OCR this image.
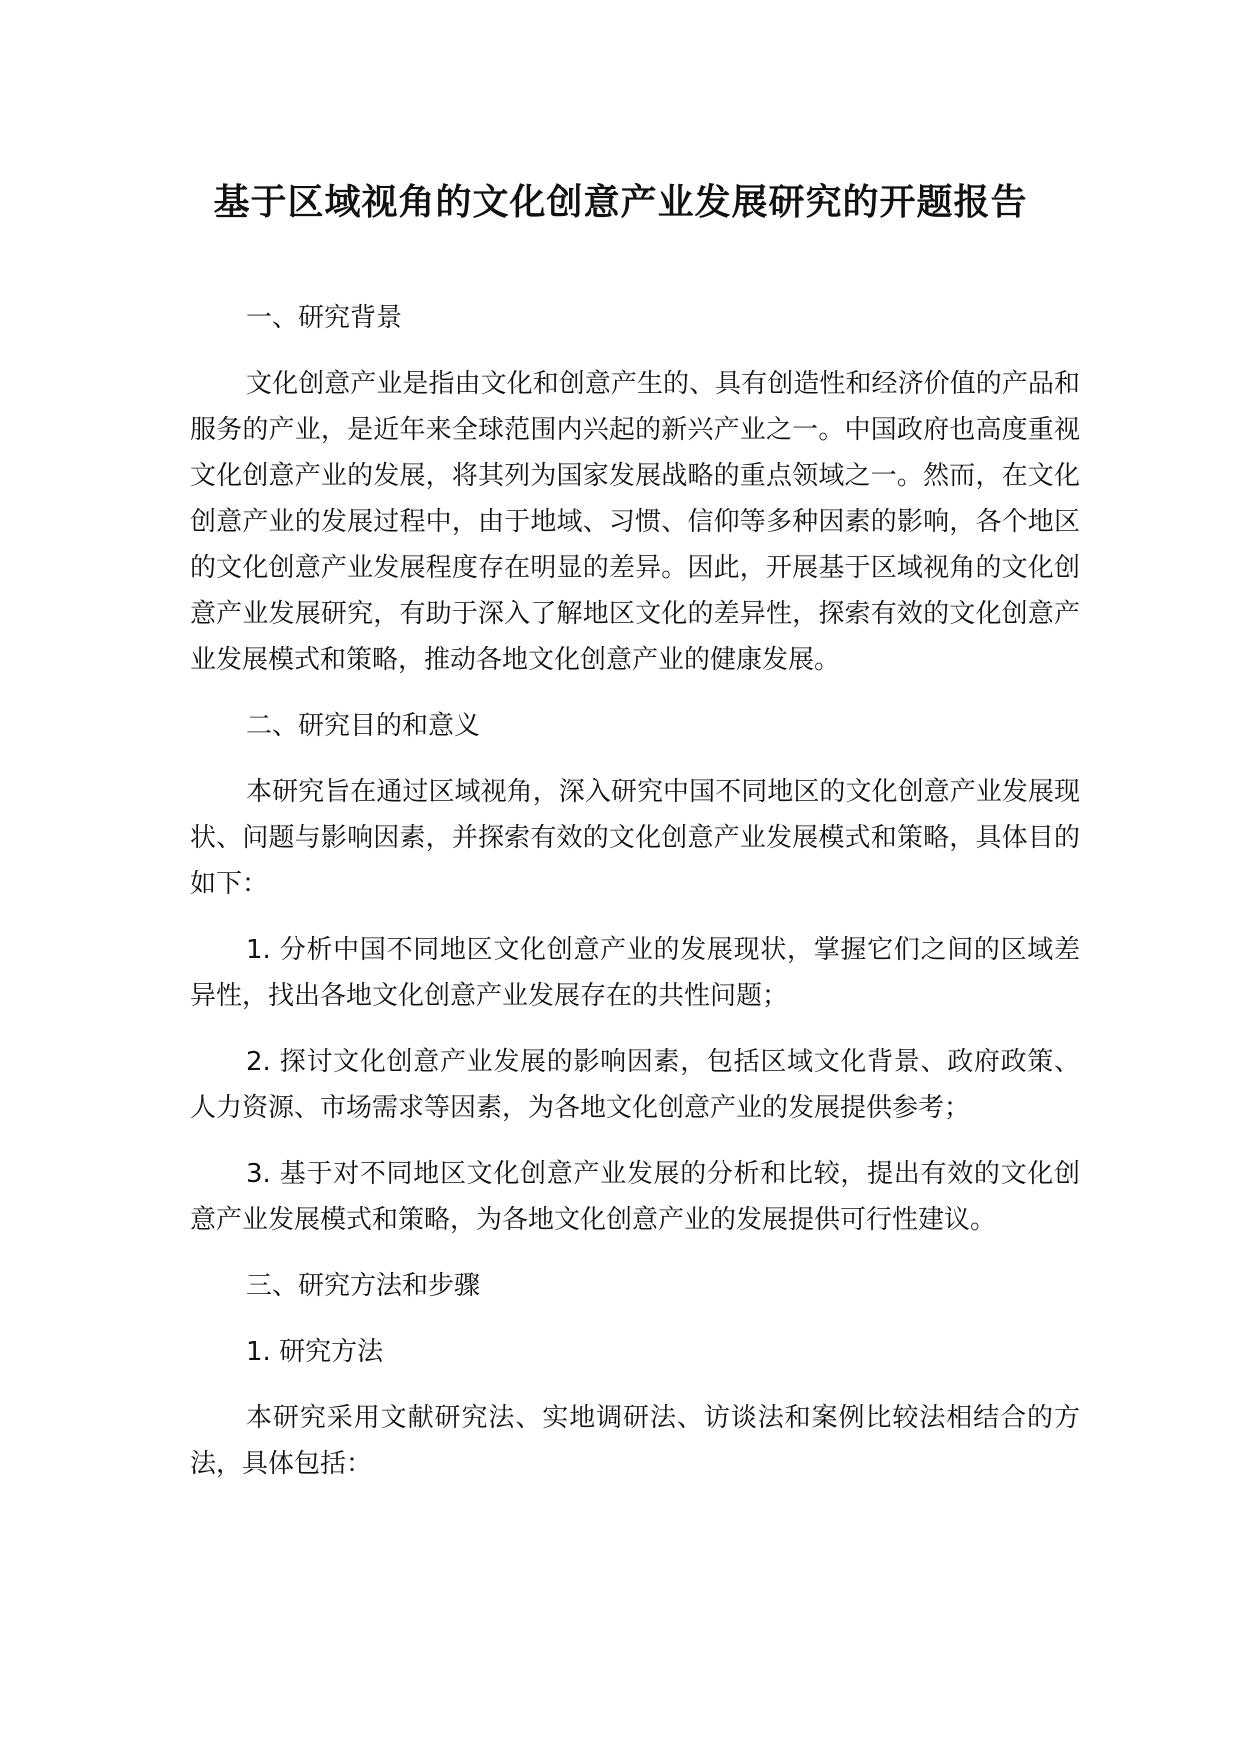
基于区域视角的文化创意产业发展研究的开题报告

一、研究背景

文化创意产业是指由文化和创意产生的、具有创造性和经济价值的产品和服务的产业，是近年来全球范围内兴起的新兴产业之一。中国政府也高度重视文化创意产业的发展，将其列为国家发展战略的重点领域之一。然而，在文化创意产业的发展过程中，由于地域、习惯、信仰等多种因素的影响，各个地区的文化创意产业发展程度存在明显的差异。因此，开展基于区域视角的文化创意产业发展研究，有助于深入了解地区文化的差异性，探索有效的文化创意产业发展模式和策略，推动各地文化创意产业的健康发展。

二、研究目的和意义

本研究旨在通过区域视角，深入研究中国不同地区的文化创意产业发展现状、问题与影响因素，并探索有效的文化创意产业发展模式和策略，具体目的如下：

1. 分析中国不同地区文化创意产业的发展现状，掌握它们之间的区域差异性，找出各地文化创意产业发展存在的共性问题；

2. 探讨文化创意产业发展的影响因素，包括区域文化背景、政府政策、人力资源、市场需求等因素，为各地文化创意产业的发展提供参考；

3. 基于对不同地区文化创意产业发展的分析和比较，提出有效的文化创意产业发展模式和策略，为各地文化创意产业的发展提供可行性建议。

三、研究方法和步骤

1. 研究方法

本研究采用文献研究法、实地调研法、访谈法和案例比较法相结合的方法，具体包括：
